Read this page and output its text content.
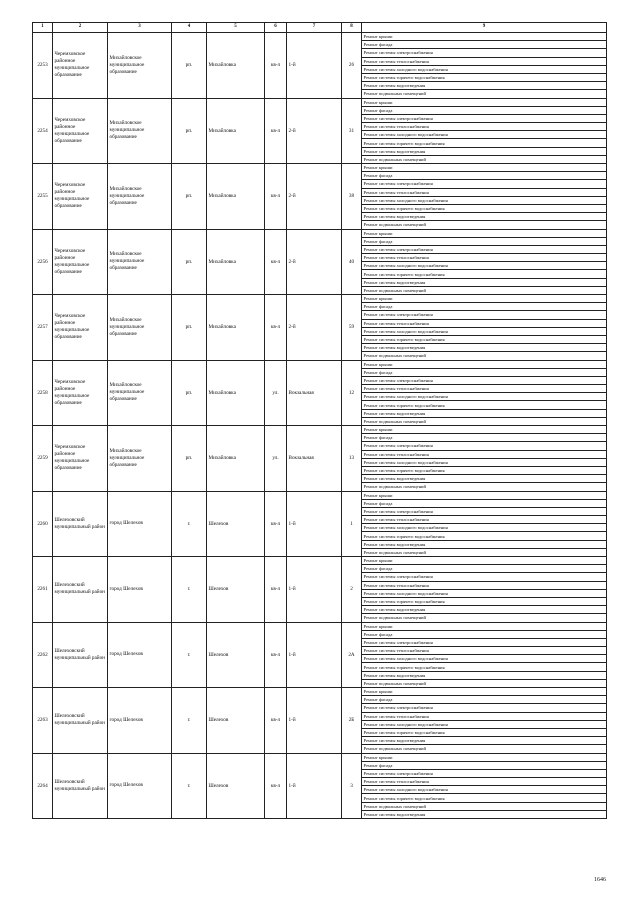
1	2	3	4	5	6	7	8	9
2253	Черемховское районное муниципальное образование	Михайловское муниципальное образование	рп.	Михайловка	кв-л	1-й	26	Ремонт крыши
								Ремонт фасада
								Ремонт системы электроснабжения
								Ремонт системы теплоснабжения
								Ремонт системы холодного водоснабжения
								Ремонт системы горячего водоснабжения
								Ремонт системы водоотведения
								Ремонт подвальных помещений
2254	Черемховское районное муниципальное образование	Михайловское муниципальное образование	рп.	Михайловка	кв-л	2-й	31	Ремонт крыши
								Ремонт фасада
								Ремонт системы электроснабжения
								Ремонт системы теплоснабжения
								Ремонт системы холодного водоснабжения
								Ремонт системы горячего водоснабжения
								Ремонт системы водоотведения
								Ремонт подвальных помещений
2255	Черемховское районное муниципальное образование	Михайловское муниципальное образование	рп.	Михайловка	кв-л	2-й	38	Ремонт крыши
								Ремонт фасада
								Ремонт системы электроснабжения
								Ремонт системы теплоснабжения
								Ремонт системы холодного водоснабжения
								Ремонт системы горячего водоснабжения
								Ремонт системы водоотведения
								Ремонт подвальных помещений
2256	Черемховское районное муниципальное образование	Михайловское муниципальное образование	рп.	Михайловка	кв-л	2-й	40	Ремонт крыши
								Ремонт фасада
								Ремонт системы электроснабжения
								Ремонт системы теплоснабжения
								Ремонт системы холодного водоснабжения
								Ремонт системы горячего водоснабжения
								Ремонт системы водоотведения
								Ремонт подвальных помещений
2257	Черемховское районное муниципальное образование	Михайловское муниципальное образование	рп.	Михайловка	кв-л	2-й	59	Ремонт крыши
								Ремонт фасада
								Ремонт системы электроснабжения
								Ремонт системы теплоснабжения
								Ремонт системы холодного водоснабжения
								Ремонт системы горячего водоснабжения
								Ремонт системы водоотведения
								Ремонт подвальных помещений
2258	Черемховское районное муниципальное образование	Михайловское муниципальное образование	рп.	Михайловка	ул.	Вокзальная	12	Ремонт крыши
								Ремонт фасада
								Ремонт системы электроснабжения
								Ремонт системы теплоснабжения
								Ремонт системы холодного водоснабжения
								Ремонт системы горячего водоснабжения
								Ремонт системы водоотведения
								Ремонт подвальных помещений
2259	Черемховское районное муниципальное образование	Михайловское муниципальное образование	рп.	Михайловка	ул.	Вокзальная	13	Ремонт крыши
								Ремонт фасада
								Ремонт системы электроснабжения
								Ремонт системы теплоснабжения
								Ремонт системы холодного водоснабжения
								Ремонт системы горячего водоснабжения
								Ремонт системы водоотведения
								Ремонт подвальных помещений
2260	Шелеховский муниципальный район	город Шелехов	г.	Шелехов	кв-л	1-й	1	Ремонт крыши
								Ремонт фасада
								Ремонт системы электроснабжения
								Ремонт системы теплоснабжения
								Ремонт системы холодного водоснабжения
								Ремонт системы горячего водоснабжения
								Ремонт системы водоотведения
								Ремонт подвальных помещений
2261	Шелеховский муниципальный район	город Шелехов	г.	Шелехов	кв-л	1-й	2	Ремонт крыши
								Ремонт фасада
								Ремонт системы электроснабжения
								Ремонт системы теплоснабжения
								Ремонт системы холодного водоснабжения
								Ремонт системы горячего водоснабжения
								Ремонт системы водоотведения
								Ремонт подвальных помещений
2262	Шелеховский муниципальный район	город Шелехов	г.	Шелехов	кв-л	1-й	2А	Ремонт крыши
								Ремонт фасада
								Ремонт системы электроснабжения
								Ремонт системы теплоснабжения
								Ремонт системы холодного водоснабжения
								Ремонт системы горячего водоснабжения
								Ремонт системы водоотведения
								Ремонт подвальных помещений
2263	Шелеховский муниципальный район	город Шелехов	г.	Шелехов	кв-л	1-й	2Б	Ремонт крыши
								Ремонт фасада
								Ремонт системы электроснабжения
								Ремонт системы теплоснабжения
								Ремонт системы холодного водоснабжения
								Ремонт системы горячего водоснабжения
								Ремонт системы водоотведения
								Ремонт подвальных помещений
2264	Шелеховский муниципальный район	город Шелехов	г.	Шелехов	кв-л	1-й	3	Ремонт крыши
								Ремонт фасада
								Ремонт системы электроснабжения
								Ремонт системы теплоснабжения
								Ремонт системы холодного водоснабжения
								Ремонт системы горячего водоснабжения
								Ремонт подвальных помещений
								Ремонт системы водоотведения
1646
